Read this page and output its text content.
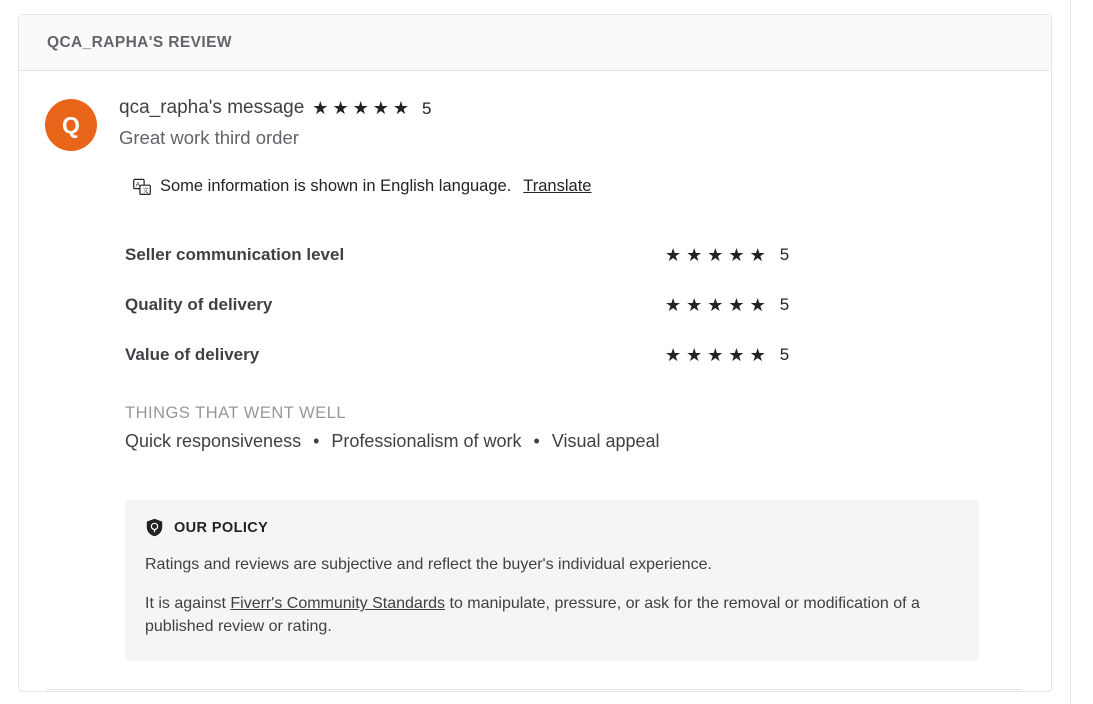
QCA_RAPHA'S REVIEW
Q
qca_rapha's message ★ ★ ★ ★ ★ 5
Great work third order
A
文 Some information is shown in English language. Translate
Seller communication level	★ ★ ★ ★ ★ 5
Quality of delivery	★ ★ ★ ★ ★ 5
Value of delivery	★ ★ ★ ★ ★ 5
THINGS THAT WENT WELL
Quick responsiveness • Professionalism of work • Visual appeal
OUR POLICY
Ratings and reviews are subjective and reflect the buyer's individual experience.
It is against Fiverr's Community Standards to manipulate, pressure, or ask for the removal or modification of a published review or rating.
